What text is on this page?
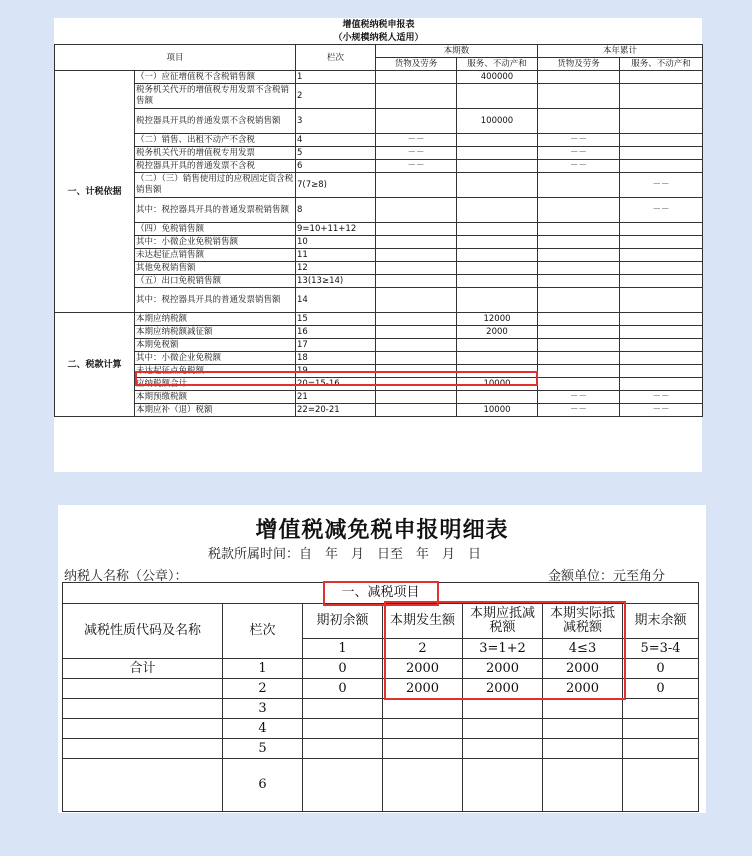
增值税纳税申报表						
（小规模纳税人适用）						
项目		栏次	本期数		本年累计	
			货物及劳务	服务、不动产和	货物及劳务	服务、不动产和
一、计税依据	（一）应征增值税不含税销售额	1		400000		
	税务机关代开的增值税专用发票不含税销售额	2				
	税控器具开具的普通发票不含税销售额	3		100000		
	（二）销售、出租不动产不含税	4	－－		－－	
	税务机关代开的增值税专用发票	5	－－		－－	
	税控器具开具的普通发票不含税	6	－－		－－	
	（二）（三）销售使用过的应税固定资含税销售额	7(7≥8)				－－
	其中：税控器具开具的普通发票税销售额	8				－－
	（四）免税销售额	9=10+11+12				
	其中：小微企业免税销售额	10				
	未达起征点销售额	11				
	其他免税销售额	12				
	（五）出口免税销售额	13(13≥14)				
	其中：税控器具开具的普通发票销售额	14				
二、税款计算	本期应纳税额	15		12000		
	本期应纳税额减征额	16		2000		
	本期免税额	17				
	其中：小微企业免税额	18				
	未达起征点免税额	19				
	应纳税额合计	20=15-16		10000		
	本期预缴税额	21			－－	－－
	本期应补（退）税额	22=20-21		10000	－－	－－
增值税减免税申报明细表
税款所属时间：自　年　月　日至　年　月　日
纳税人名称（公章）：	金额单位：元至角分
一、减税项目						
减税性质代码及名称	栏次	期初余额	本期发生额	本期应抵减税额	本期实际抵减税额	期末余额
		1	2	3=1+2	4≤3	5=3-4
合计	1	0	2000	2000	2000	0
	2	0	2000	2000	2000	0
	3					
	4					
	5					
	6					
